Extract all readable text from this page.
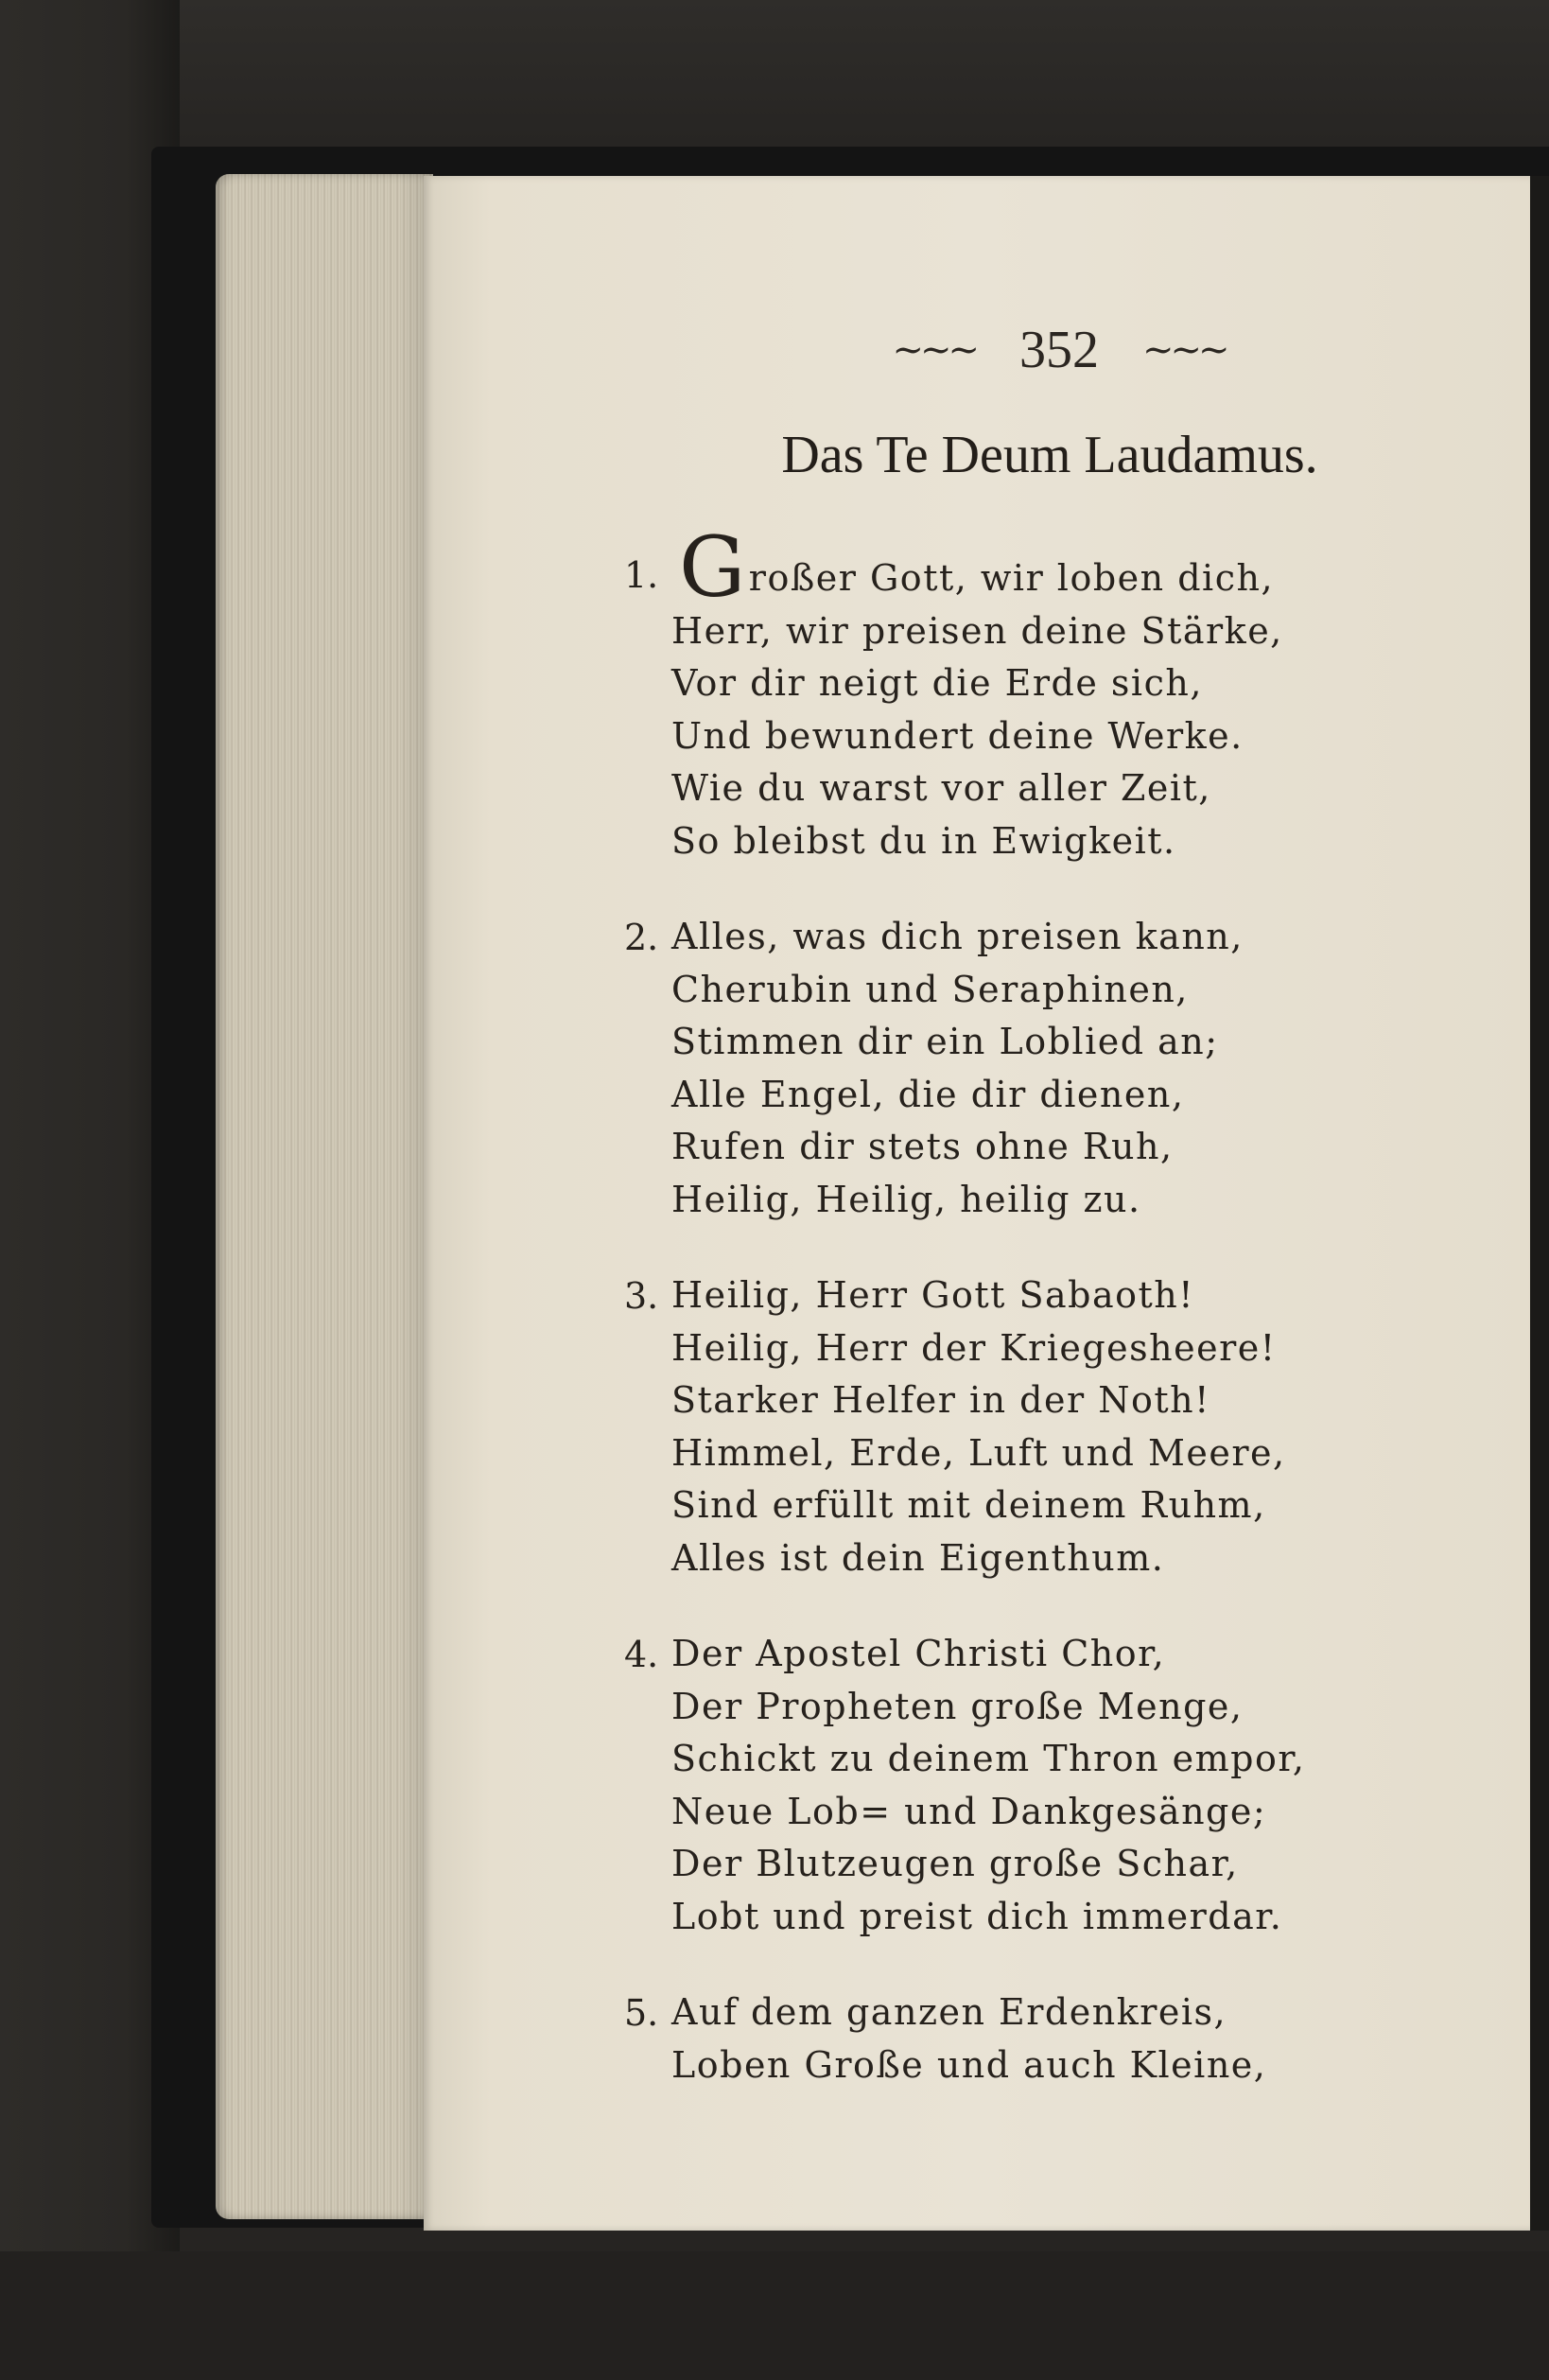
~~~ 352 ~~~
Das Te Deum Laudamus.
1. Großer Gott, wir loben dich,
Herr, wir preisen deine Stärke,
Vor dir neigt die Erde sich,
Und bewundert deine Werke.
Wie du warst vor aller Zeit,
So bleibst du in Ewigkeit.
2. Alles, was dich preisen kann,
Cherubin und Seraphinen,
Stimmen dir ein Loblied an;
Alle Engel, die dir dienen,
Rufen dir stets ohne Ruh,
Heilig, Heilig, heilig zu.
3. Heilig, Herr Gott Sabaoth!
Heilig, Herr der Kriegesheere!
Starker Helfer in der Noth!
Himmel, Erde, Luft und Meere,
Sind erfüllt mit deinem Ruhm,
Alles ist dein Eigenthum.
4. Der Apostel Christi Chor,
Der Propheten große Menge,
Schickt zu deinem Thron empor,
Neue Lob= und Dankgesänge;
Der Blutzeugen große Schar,
Lobt und preist dich immerdar.
5. Auf dem ganzen Erdenkreis,
Loben Große und auch Kleine,
